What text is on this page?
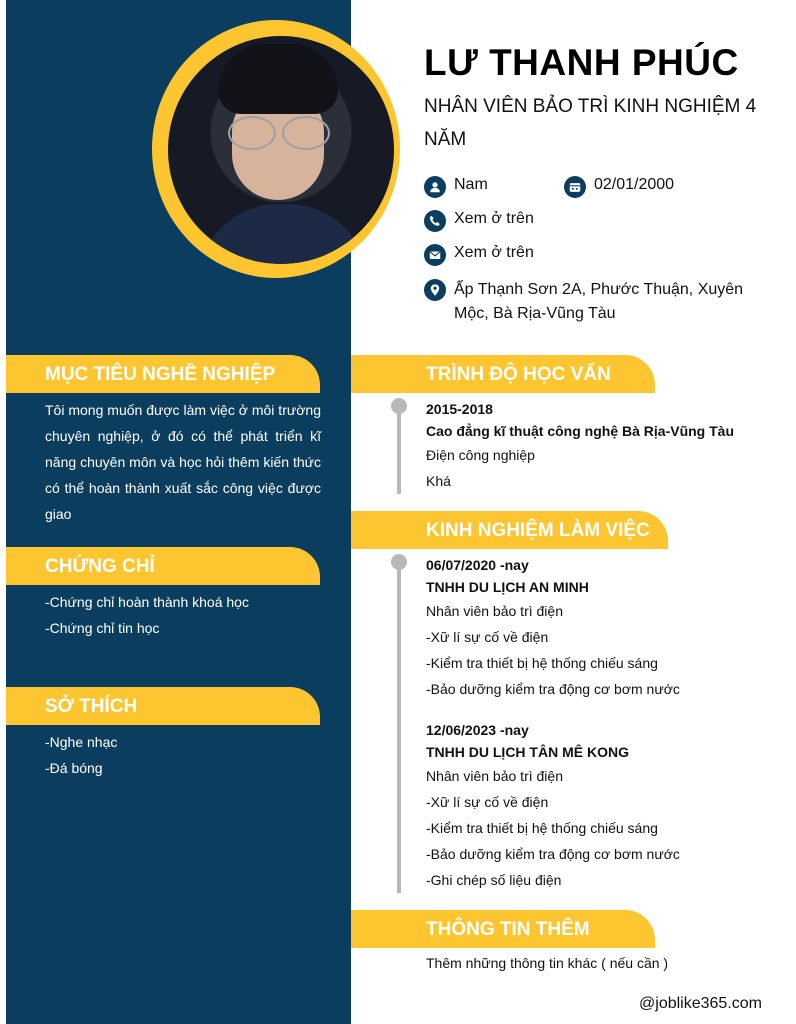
LƯ THANH PHÚC
NHÂN VIÊN BẢO TRÌ KINH NGHIỆM 4 NĂM
Nam	02/01/2000
Xem ở trên
Xem ở trên
Ấp Thạnh Sơn 2A, Phước Thuận, Xuyên Mộc, Bà Rịa-Vũng Tàu
MỤC TIÊU NGHỀ NGHIỆP
Tôi mong muốn được làm việc ở môi trường chuyên nghiệp, ở đó có thể phát triển kĩ năng chuyên môn và học hỏi thêm kiến thức có thể hoàn thành xuất sắc công việc được giao
CHỨNG CHỈ
-Chứng chỉ hoàn thành khoá học
-Chứng chỉ tin học
SỞ THÍCH
-Nghe nhạc
-Đá bóng
TRÌNH ĐỘ HỌC VẤN
2015-2018
Cao đẳng kĩ thuật công nghệ Bà Rịa-Vũng Tàu
Điện công nghiệp
Khá
KINH NGHIỆM LÀM VIỆC
06/07/2020 -nay
TNHH DU LỊCH AN MINH
Nhân viên bảo trì điện
-Xữ lí sự cố về điện
-Kiểm tra thiết bị hệ thống chiếu sáng
-Bảo dưỡng kiểm tra động cơ bơm nước
12/06/2023 -nay
TNHH DU LỊCH TÂN MÊ KONG
Nhân viên bảo trì điện
-Xữ lí sự cố về điện
-Kiểm tra thiết bị hệ thống chiếu sáng
-Bảo dưỡng kiểm tra động cơ bơm nước
-Ghi chép số liệu điện
THÔNG TIN THÊM
Thêm những thông tin khác ( nếu cần )
@joblike365.com
